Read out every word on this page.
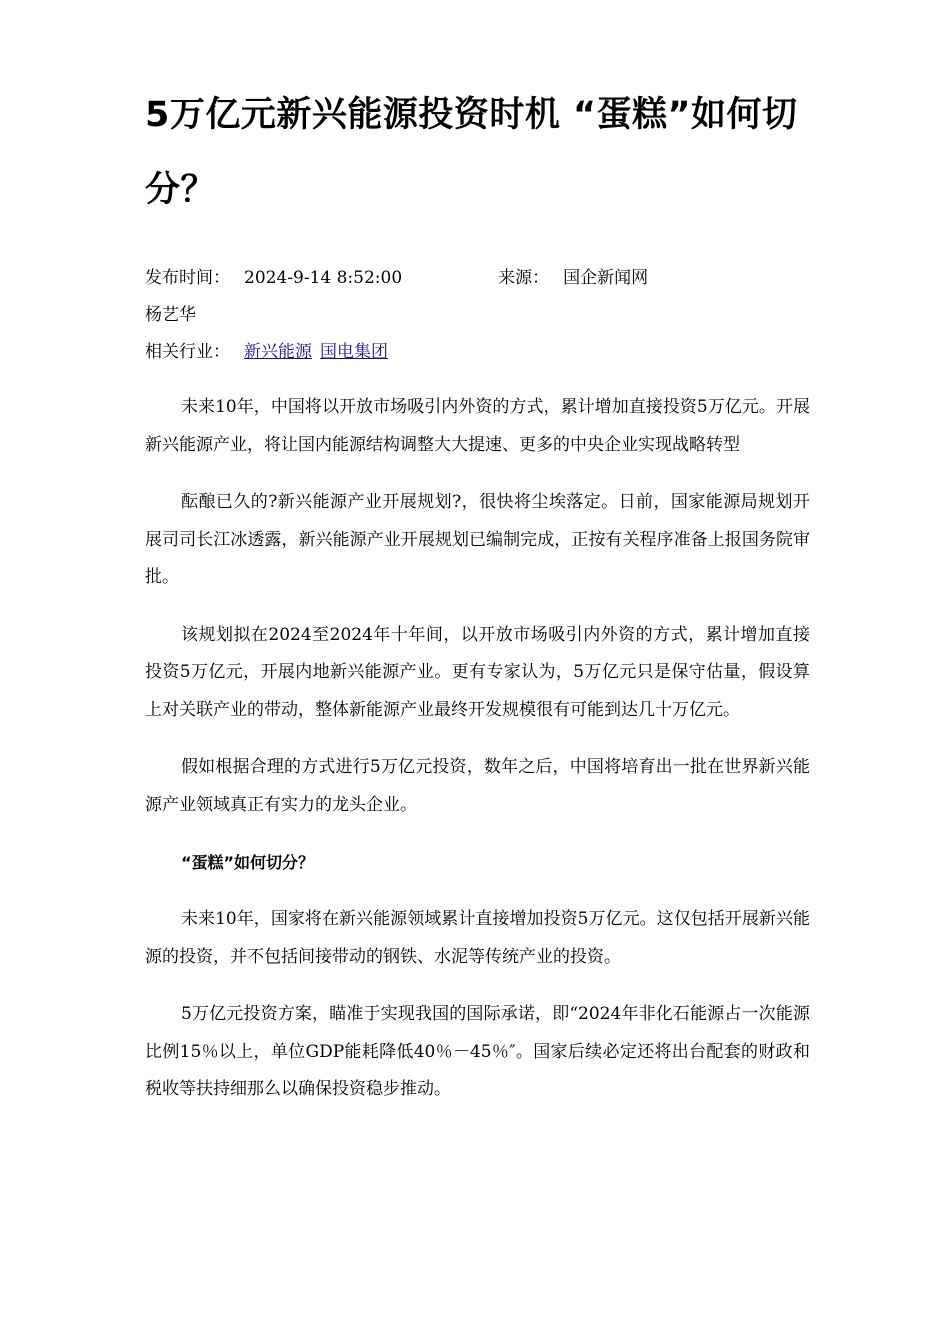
5万亿元新兴能源投资时机 “蛋糕”如何切分？
发布时间： 2024-9-14 8:52:00	来源： 国企新闻网
杨艺华
相关行业： 新兴能源 国电集团

未来10年，中国将以开放市场吸引内外资的方式，累计增加直接投资5万亿元。开展新兴能源产业，将让国内能源结构调整大大提速、更多的中央企业实现战略转型

酝酿已久的?新兴能源产业开展规划?，很快将尘埃落定。日前，国家能源局规划开展司司长江冰透露，新兴能源产业开展规划已编制完成，正按有关程序准备上报国务院审批。

该规划拟在2024至2024年十年间，以开放市场吸引内外资的方式，累计增加直接投资5万亿元，开展内地新兴能源产业。更有专家认为，5万亿元只是保守估量，假设算上对关联产业的带动，整体新能源产业最终开发规模很有可能到达几十万亿元。

假如根据合理的方式进行5万亿元投资，数年之后，中国将培育出一批在世界新兴能源产业领域真正有实力的龙头企业。

“蛋糕”如何切分？

未来10年，国家将在新兴能源领域累计直接增加投资5万亿元。这仅包括开展新兴能源的投资，并不包括间接带动的钢铁、水泥等传统产业的投资。

5万亿元投资方案，瞄准于实现我国的国际承诺，即“2024年非化石能源占一次能源比例15％以上，单位GDP能耗降低40％－45％″。国家后续必定还将出台配套的财政和税收等扶持细那么以确保投资稳步推动。
